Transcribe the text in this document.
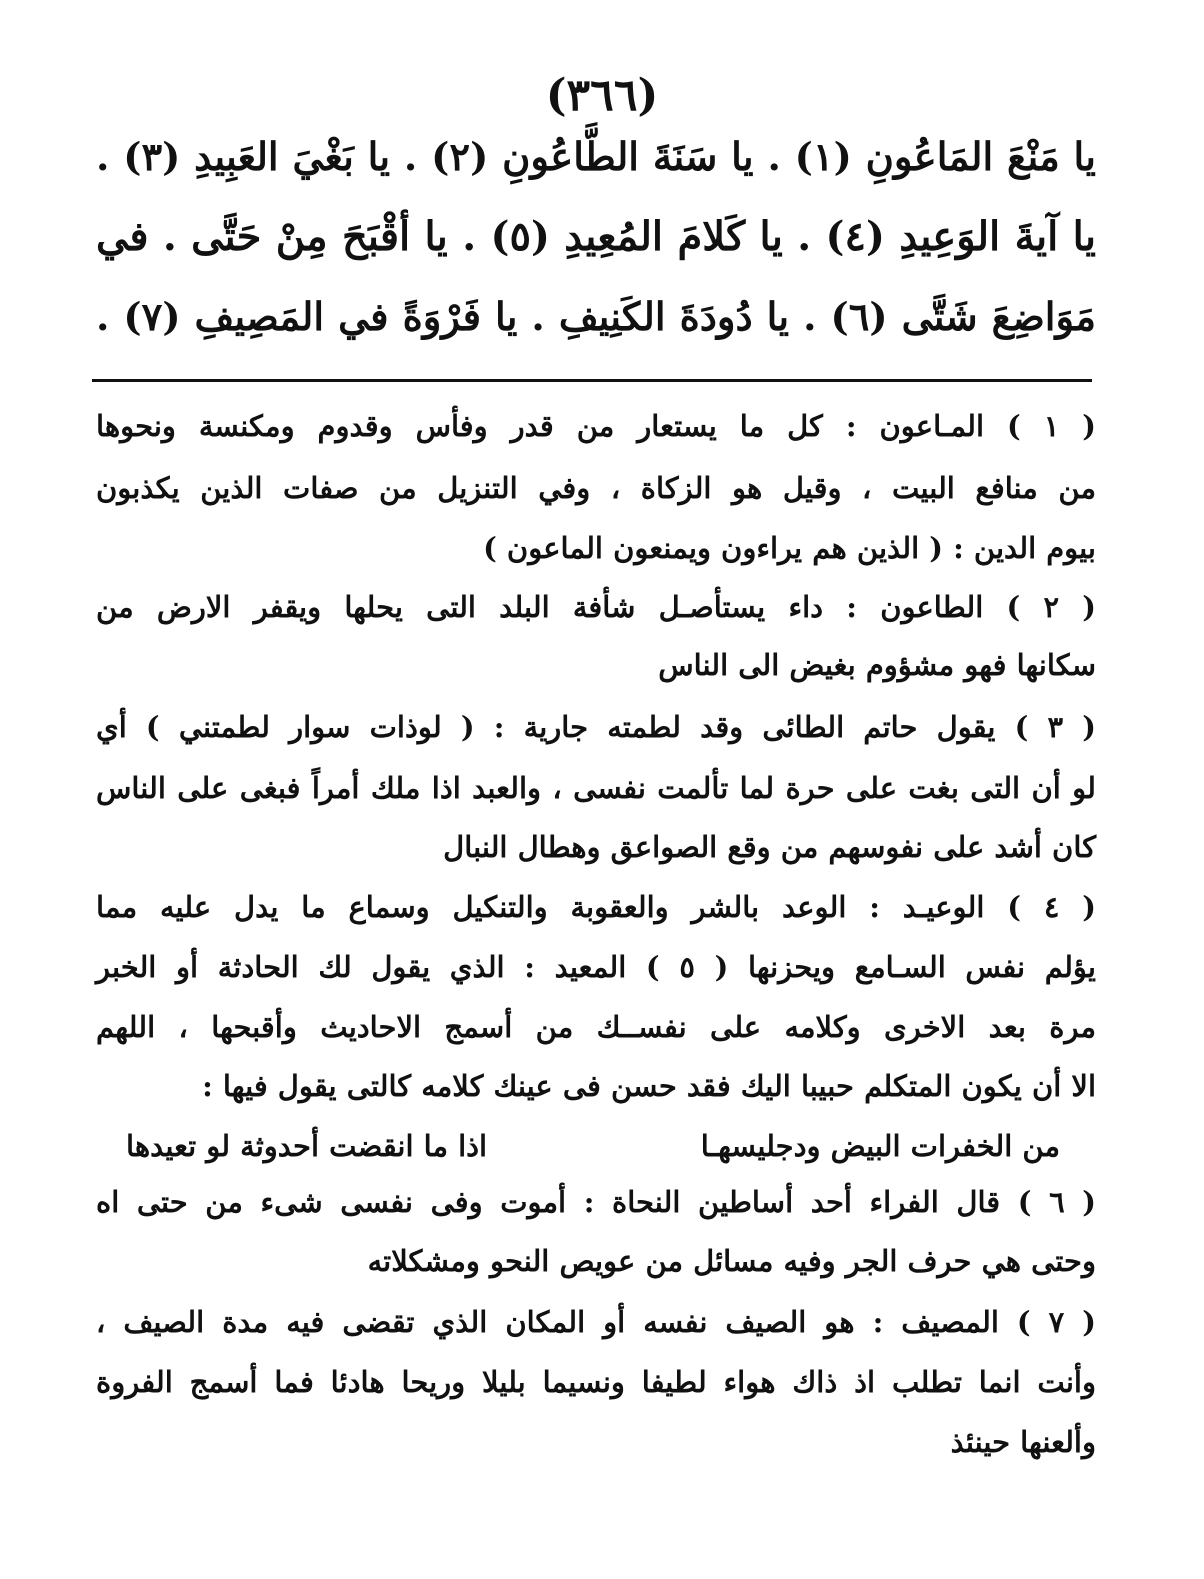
(٣٦٦)
يا مَنْعَ المَاعُونِ (١) . يا سَنَةَ الطَّاعُونِ (٢) . يا بَغْيَ العَبِيدِ (٣) .
يا آيةَ الوَعِيدِ (٤) . يا كَلامَ المُعِيدِ (٥) . يا أقْبَحَ مِنْ حَتَّى . في
مَوَاضِعَ شَتَّى (٦) . يا دُودَةَ الكَنِيفِ . يا فَرْوَةً في المَصِيفِ (٧) .
( ١ ) المـاعون : كل ما يستعار من قدر وفأس وقدوم ومكنسة ونحوها
من منافع البيت ، وقيل هو الزكاة ، وفي التنزيل من صفات الذين يكذبون
بيوم الدين : ( الذين هم يراءون ويمنعون الماعون )
( ٢ ) الطاعون : داء يستأصـل شأفة البلد التى يحلها ويقفر الارض من
سكانها فهو مشؤوم بغيض الى الناس
( ٣ ) يقول حاتم الطائى وقد لطمته جارية : ( لوذات سوار لطمتني ) أي
لو أن التى بغت على حرة لما تألمت نفسى ، والعبد اذا ملك أمراً فبغى على الناس
كان أشد على نفوسهم من وقع الصواعق وهطال النبال
( ٤ ) الوعيـد : الوعد بالشر والعقوبة والتنكيل وسماع ما يدل عليه مما
يؤلم نفس السـامع ويحزنها ( ٥ ) المعيد : الذي يقول لك الحادثة أو الخبر
مرة بعد الاخرى وكلامه على نفســك من أسمج الاحاديث وأقبحها ، اللهم
الا أن يكون المتكلم حبيبا اليك فقد حسن فى عينك كلامه كالتى يقول فيها :
من الخفرات البيض ودجليسهـا
اذا ما انقضت أحدوثة لو تعيدها
( ٦ ) قال الفراء أحد أساطين النحاة : أموت وفى نفسى شىء من حتى اه
وحتى هي حرف الجر وفيه مسائل من عويص النحو ومشكلاته
( ٧ ) المصيف : هو الصيف نفسه أو المكان الذي تقضى فيه مدة الصيف ،
وأنت انما تطلب اذ ذاك هواء لطيفا ونسيما بليلا وريحا هادئا فما أسمج الفروة
وألعنها حينئذ
